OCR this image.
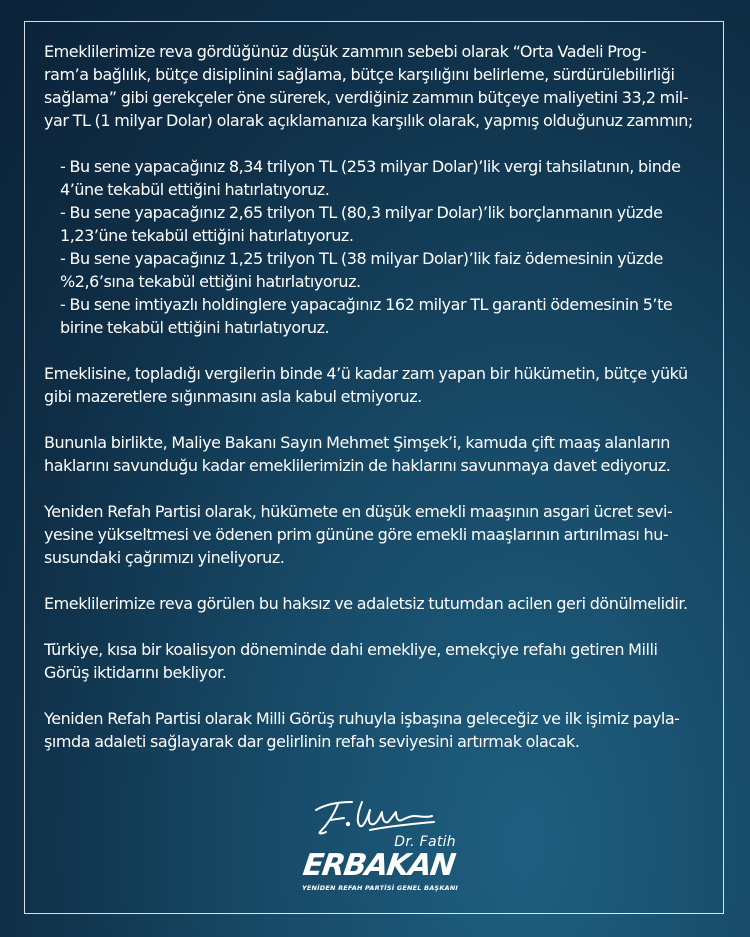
Emeklilerimize reva gördüğünüz düşük zammın sebebi olarak “Orta Vadeli Prog-
ram’a bağlılık, bütçe disiplinini sağlama, bütçe karşılığını belirleme, sürdürülebilirliği
sağlama” gibi gerekçeler öne sürerek, verdiğiniz zammın bütçeye maliyetini 33,2 mil-
yar TL (1 milyar Dolar) olarak açıklamanıza karşılık olarak, yapmış olduğunuz zammın;

- Bu sene yapacağınız 8,34 trilyon TL (253 milyar Dolar)’lik vergi tahsilatının, binde
4’üne tekabül ettiğini hatırlatıyoruz.
- Bu sene yapacağınız 2,65 trilyon TL (80,3 milyar Dolar)’lik borçlanmanın yüzde
1,23’üne tekabül ettiğini hatırlatıyoruz.
- Bu sene yapacağınız 1,25 trilyon TL (38 milyar Dolar)’lik faiz ödemesinin yüzde
%2,6’sına tekabül ettiğini hatırlatıyoruz.
- Bu sene imtiyazlı holdinglere yapacağınız 162 milyar TL garanti ödemesinin 5’te
birine tekabül ettiğini hatırlatıyoruz.

Emeklisine, topladığı vergilerin binde 4’ü kadar zam yapan bir hükümetin, bütçe yükü
gibi mazeretlere sığınmasını asla kabul etmiyoruz.

Bununla birlikte, Maliye Bakanı Sayın Mehmet Şimşek’i, kamuda çift maaş alanların
haklarını savunduğu kadar emeklilerimizin de haklarını savunmaya davet ediyoruz.

Yeniden Refah Partisi olarak, hükümete en düşük emekli maaşının asgari ücret sevi-
yesine yükseltmesi ve ödenen prim gününe göre emekli maaşlarının artırılması hu-
susundaki çağrımızı yineliyoruz.

Emeklilerimize reva görülen bu haksız ve adaletsiz tutumdan acilen geri dönülmelidir.

Türkiye, kısa bir koalisyon döneminde dahi emekliye, emekçiye refahı getiren Milli
Görüş iktidarını bekliyor.

Yeniden Refah Partisi olarak Milli Görüş ruhuyla işbaşına geleceğiz ve ilk işimiz payla-
şımda adaleti sağlayarak dar gelirlinin refah seviyesini artırmak olacak.

Dr. Fatih
ERBAKAN
YENİDEN REFAH PARTİSİ GENEL BAŞKANI
